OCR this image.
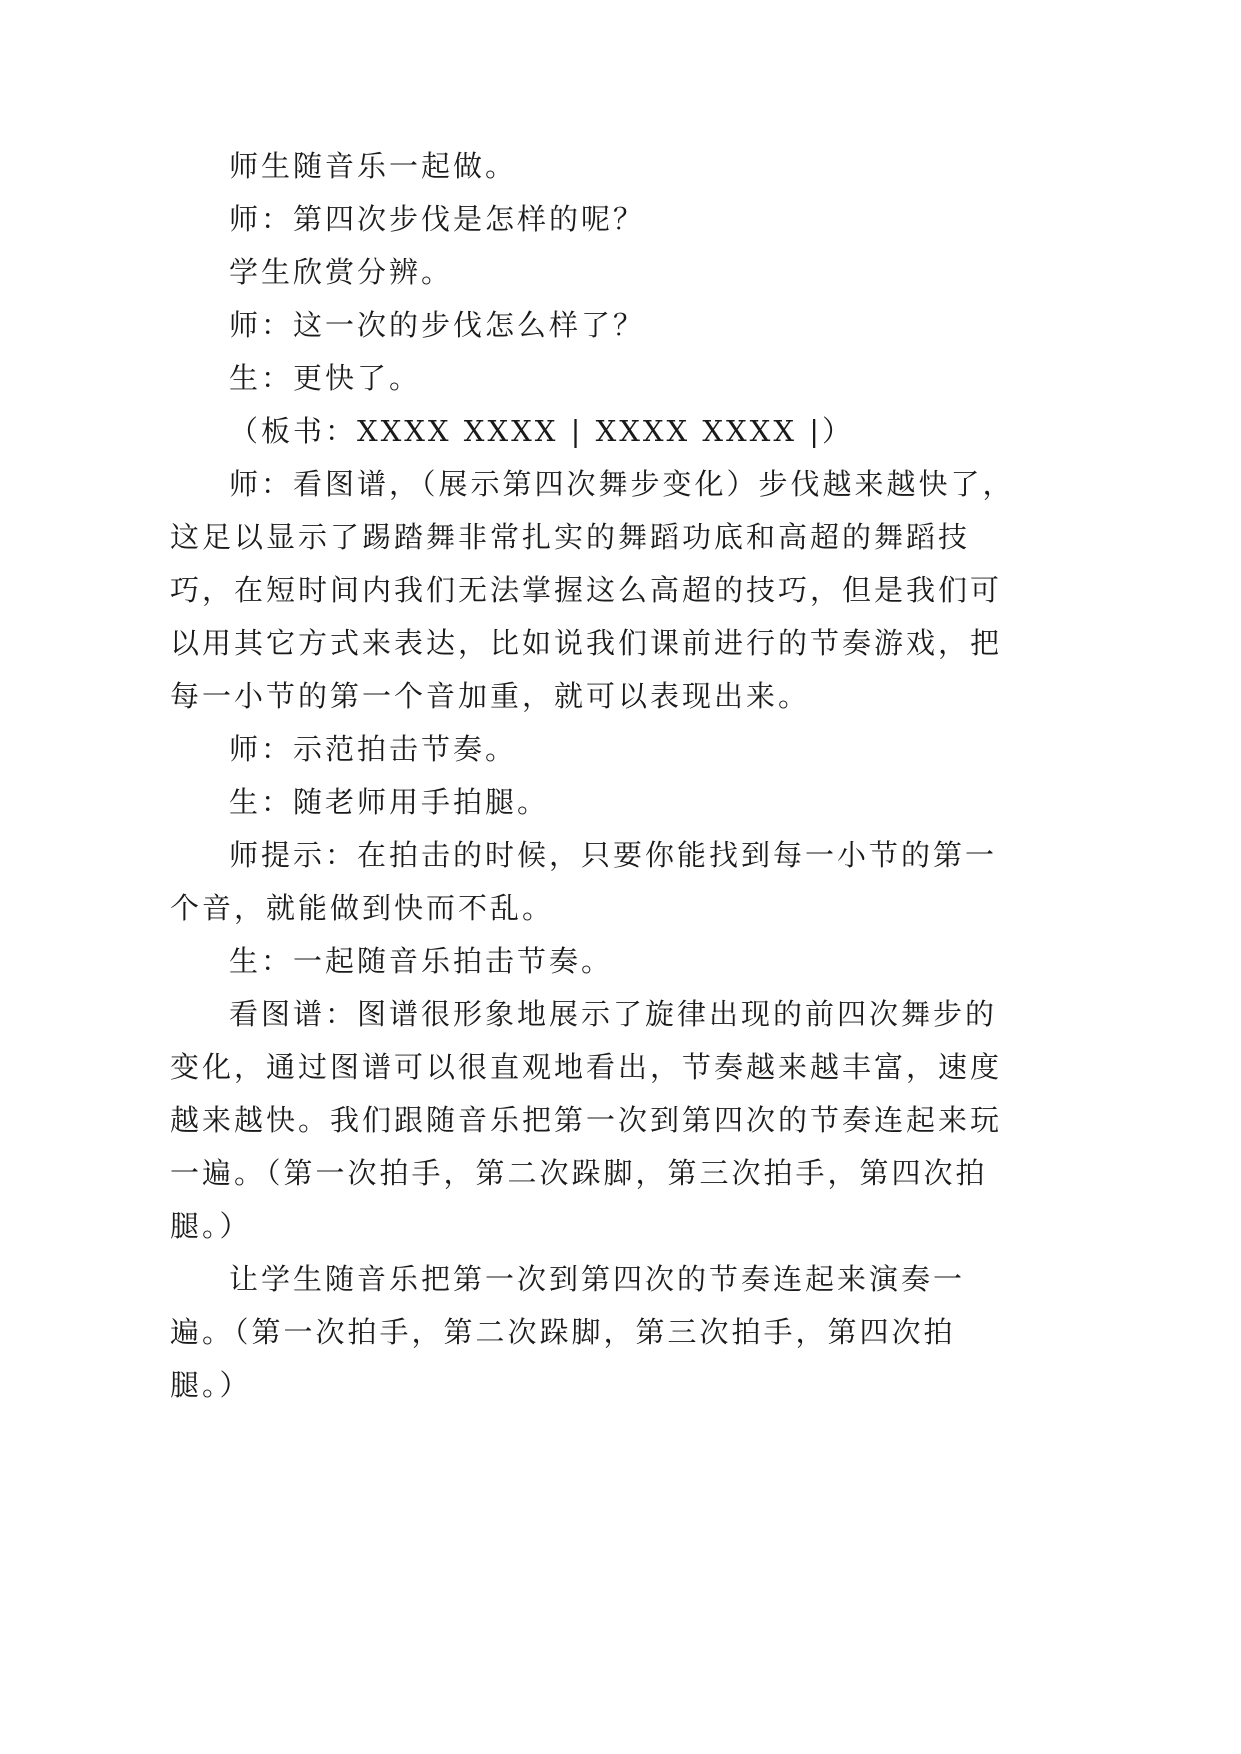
师生随音乐一起做。
师：第四次步伐是怎样的呢？
学生欣赏分辨。
师：这一次的步伐怎么样了？
生：更快了。
（板书：XXXX XXXX | XXXX XXXX |）
师：看图谱，（展示第四次舞步变化）步伐越来越快了，
这足以显示了踢踏舞非常扎实的舞蹈功底和高超的舞蹈技
巧，在短时间内我们无法掌握这么高超的技巧，但是我们可
以用其它方式来表达，比如说我们课前进行的节奏游戏，把
每一小节的第一个音加重，就可以表现出来。
师：示范拍击节奏。
生：随老师用手拍腿。
师提示：在拍击的时候，只要你能找到每一小节的第一
个音，就能做到快而不乱。
生：一起随音乐拍击节奏。
看图谱：图谱很形象地展示了旋律出现的前四次舞步的
变化，通过图谱可以很直观地看出，节奏越来越丰富，速度
越来越快。我们跟随音乐把第一次到第四次的节奏连起来玩
一遍。（第一次拍手，第二次跺脚，第三次拍手，第四次拍
腿。）
让学生随音乐把第一次到第四次的节奏连起来演奏一
遍。（第一次拍手，第二次跺脚，第三次拍手，第四次拍
腿。）
